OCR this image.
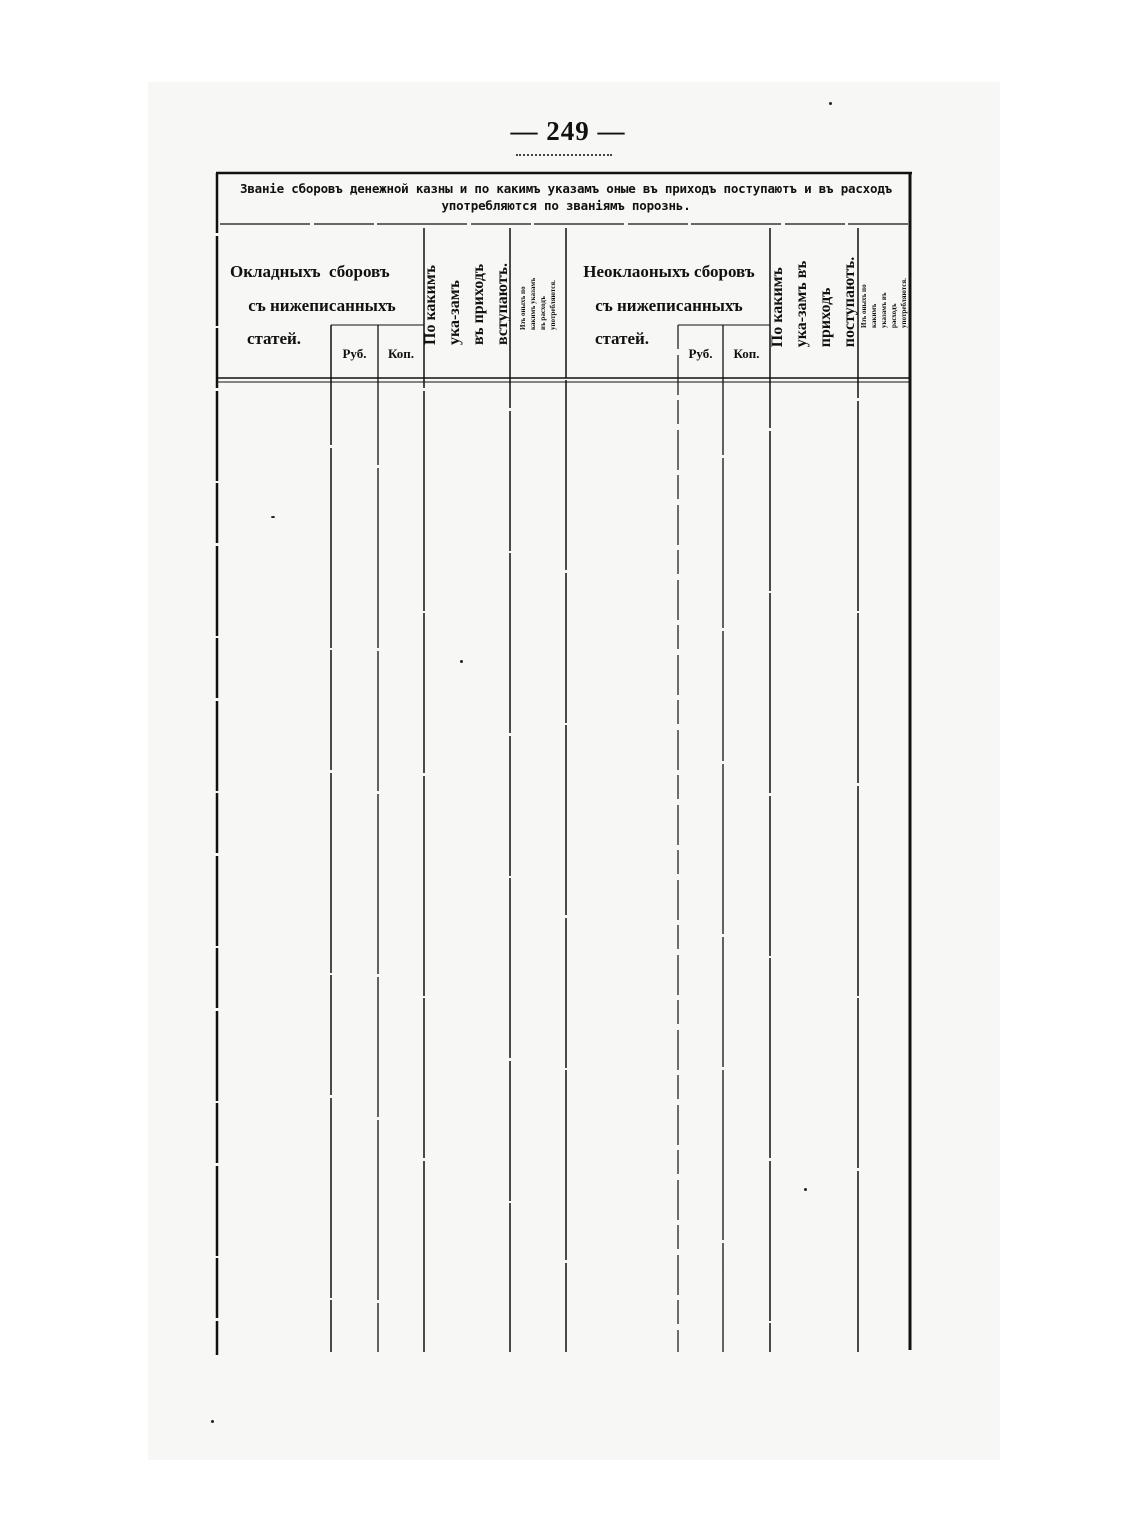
— 249 —
Званіе сборовъ денежной казны и по какимъ указамъ оные въ приходъ поступаютъ и въ расходъ употребляются по званіямъ порознь.
Окладныхъ  сборовъ
съ нижеписанныхъ
статей.
Руб.	Коп.
По какимъ ука-замъ въ приходъ вступаютъ.	Изъ оныхъ по какимъ указамъ въ расходъ употребляются.
Неоклаоныхъ сборовъ
съ нижеписанныхъ
статей.
Руб.	Коп.
По какимъ ука-замъ въ приходъ поступаютъ. Изъ оныхъ по какимъ указамъ въ расходъ употребляются.
